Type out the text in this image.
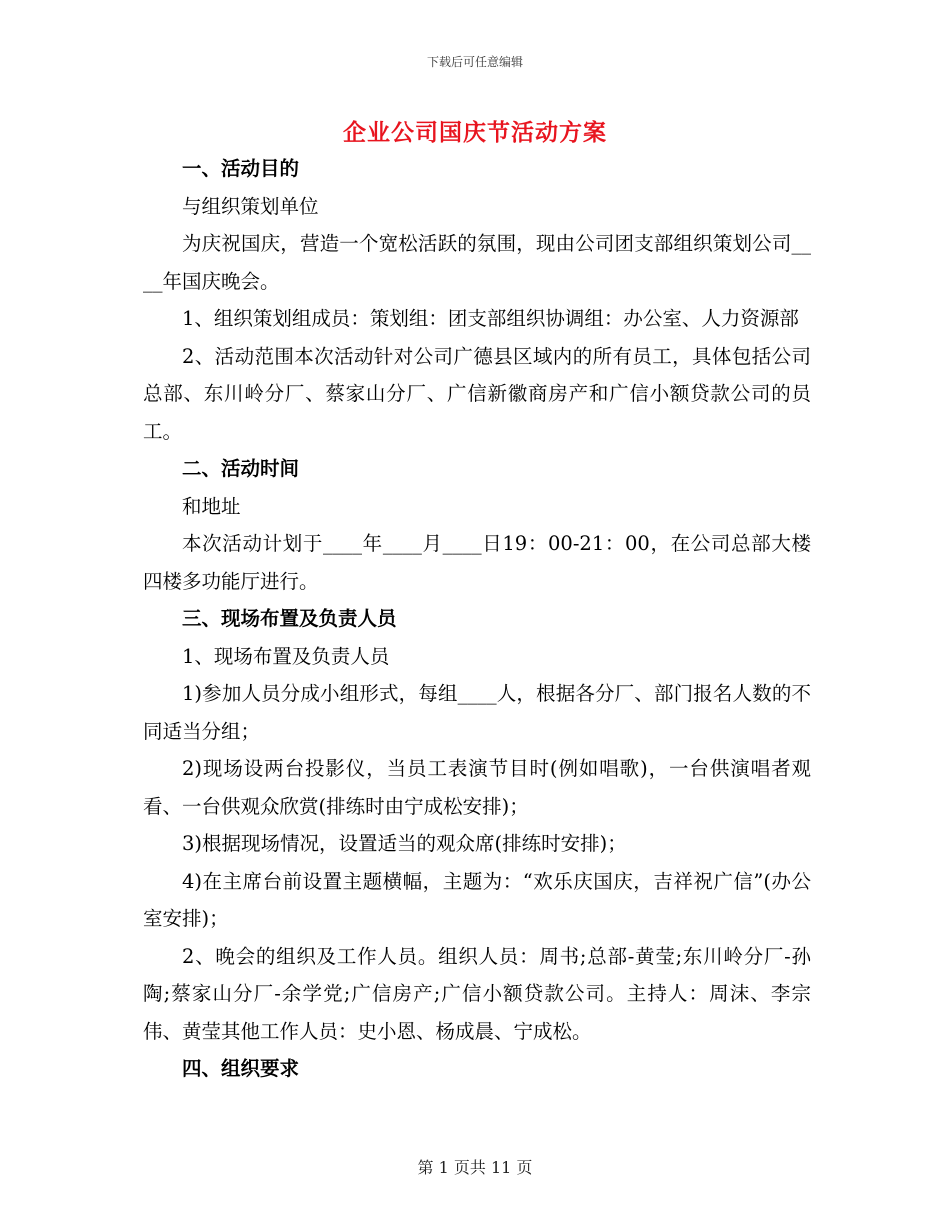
下载后可任意编辑
企业公司国庆节活动方案

一、活动目的

与组织策划单位

为庆祝国庆，营造一个宽松活跃的氛围，现由公司团支部组织策划公司____年国庆晚会。

1、组织策划组成员：策划组：团支部组织协调组：办公室、人力资源部

2、活动范围本次活动针对公司广德县区域内的所有员工，具体包括公司总部、东川岭分厂、蔡家山分厂、广信新徽商房产和广信小额贷款公司的员工。

二、活动时间

和地址

本次活动计划于____年____月____日19：00-21：00，在公司总部大楼四楼多功能厅进行。

三、现场布置及负责人员

1、现场布置及负责人员

1)参加人员分成小组形式，每组____人，根据各分厂、部门报名人数的不同适当分组；

2)现场设两台投影仪，当员工表演节目时(例如唱歌)，一台供演唱者观看、一台供观众欣赏(排练时由宁成松安排)；

3)根据现场情况，设置适当的观众席(排练时安排)；

4)在主席台前设置主题横幅，主题为：“欢乐庆国庆，吉祥祝广信”(办公室安排)；

2、晚会的组织及工作人员。组织人员：周书;总部-黄莹;东川岭分厂-孙陶;蔡家山分厂-余学党;广信房产;广信小额贷款公司。主持人：周沫、李宗伟、黄莹其他工作人员：史小恩、杨成晨、宁成松。

四、组织要求

第 1 页共 11 页
